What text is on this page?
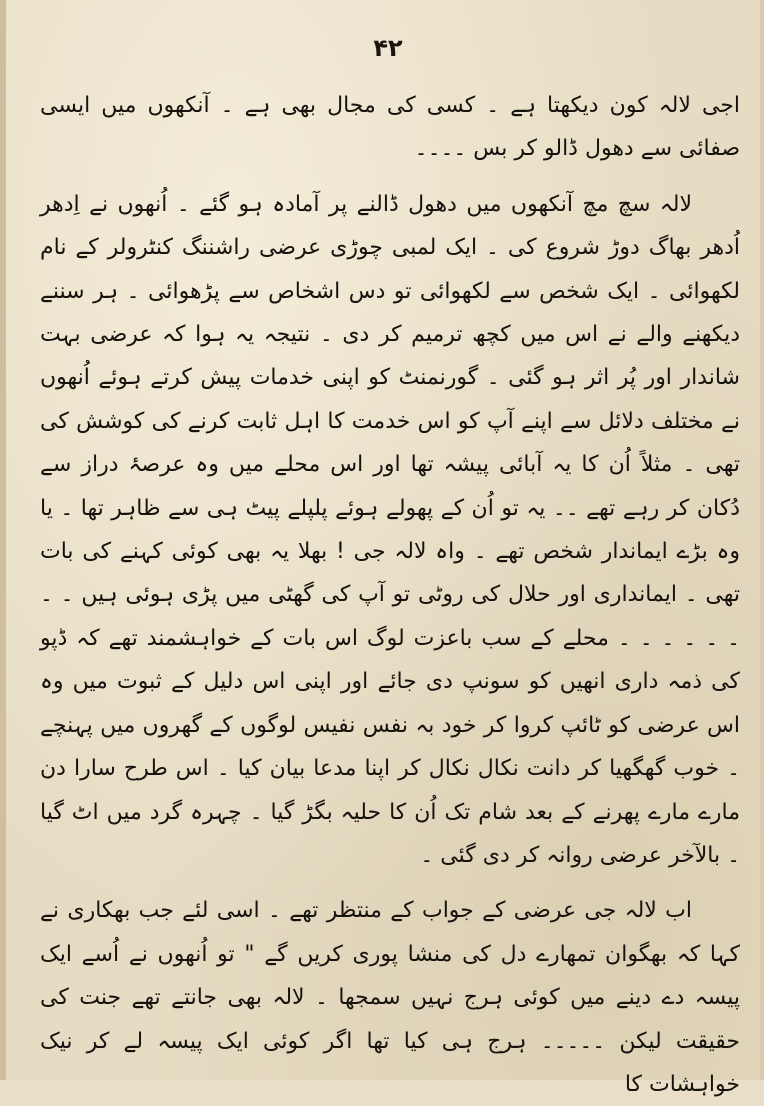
۴۲

اجی لالہ کون دیکھتا ہے ۔ کسی کی مجال بھی ہے ۔ آنکھوں میں ایسی صفائی سے دھول ڈالو کر بس ۔۔۔۔

لالہ سچ مچ آنکھوں میں دھول ڈالنے پر آمادہ ہو گئے ۔ اُنھوں نے اِدھر اُدھر بھاگ دوڑ شروع کی ۔ ایک لمبی چوڑی عرضی راشننگ کنٹرولر کے نام لکھوائی ۔ ایک شخص سے لکھوائی تو دس اشخاص سے پڑھوائی ۔ ہر سننے دیکھنے والے نے اس میں کچھ ترمیم کر دی ۔ نتیجہ یہ ہوا کہ عرضی بہت شاندار اور پُر اثر ہو گئی ۔ گورنمنٹ کو اپنی خدمات پیش کرتے ہوئے اُنھوں نے مختلف دلائل سے اپنے آپ کو اس خدمت کا اہل ثابت کرنے کی کوشش کی تھی ۔ مثلاً اُن کا یہ آبائی پیشہ تھا اور اس محلے میں وہ عرصۂ دراز سے دُکان کر رہے تھے ۔۔ یہ تو اُن کے پھولے ہوئے پلپلے پیٹ ہی سے ظاہر تھا ۔ یا وہ بڑے ایماندار شخص تھے ۔ واہ لالہ جی ! بھلا یہ بھی کوئی کہنے کی بات تھی ۔ ایمانداری اور حلال کی روٹی تو آپ کی گھٹی میں پڑی ہوئی ہیں ۔ ۔ ۔ ۔ ۔ ۔ ۔ ۔ محلے کے سب باعزت لوگ اس بات کے خواہشمند تھے کہ ڈپو کی ذمہ داری انھیں کو سونپ دی جائے اور اپنی اس دلیل کے ثبوت میں وہ اس عرضی کو ٹائپ کروا کر خود بہ نفس نفیس لوگوں کے گھروں میں پہنچے ۔ خوب گھگھیا کر دانت نکال نکال کر اپنا مدعا بیان کیا ۔ اس طرح سارا دن مارے مارے پھرنے کے بعد شام تک اُن کا حلیہ بگڑ گیا ۔ چہرہ گرد میں اٹ گیا ۔ بالآخر عرضی روانہ کر دی گئی ۔

اب لالہ جی عرضی کے جواب کے منتظر تھے ۔ اسی لئے جب بھکاری نے کہا کہ بھگوان تمھارے دل کی منشا پوری کریں گے " تو اُنھوں نے اُسے ایک پیسہ دے دینے میں کوئی ہرج نہیں سمجھا ۔ لالہ بھی جانتے تھے جنت کی حقیقت لیکن ۔۔۔۔۔ ہرج ہی کیا تھا اگر کوئی ایک پیسہ لے کر نیک خواہشات کا
